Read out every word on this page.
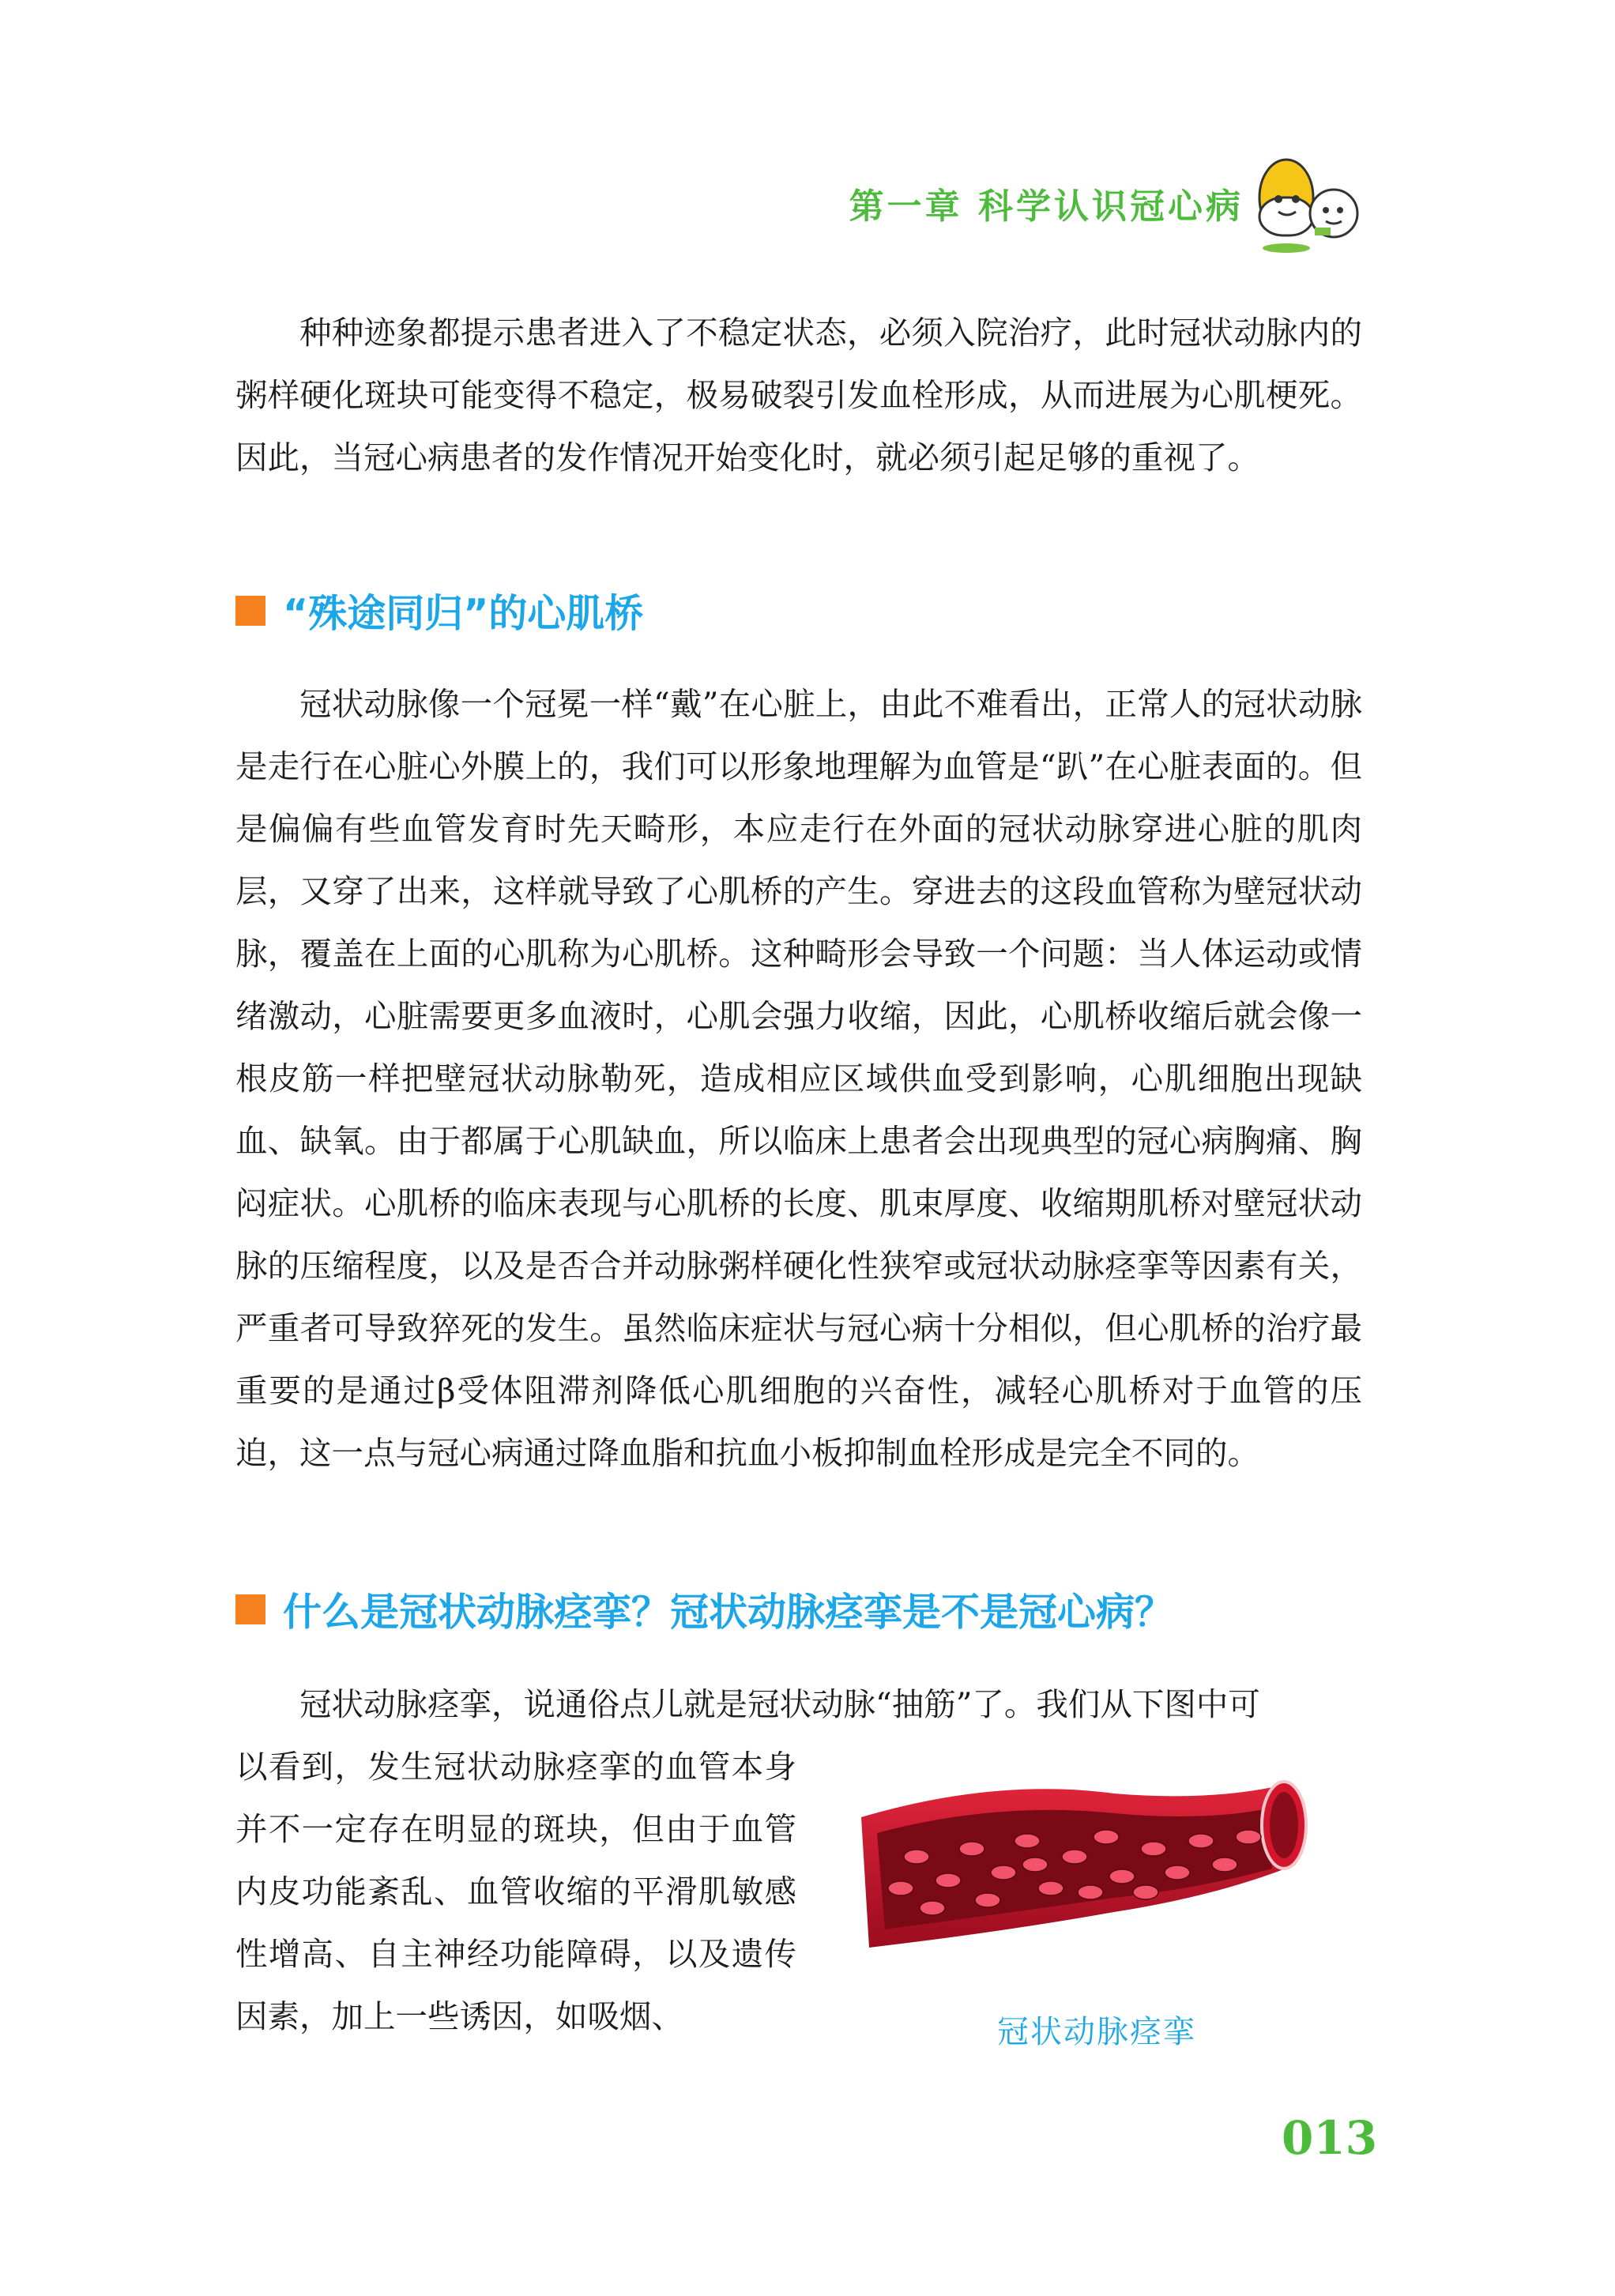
第一章 科学认识冠心病

种种迹象都提示患者进入了不稳定状态，必须入院治疗，此时冠状动脉内的粥样硬化斑块可能变得不稳定，极易破裂引发血栓形成，从而进展为心肌梗死。因此，当冠心病患者的发作情况开始变化时，就必须引起足够的重视了。

“殊途同归”的心肌桥

冠状动脉像一个冠冕一样“戴”在心脏上，由此不难看出，正常人的冠状动脉是走行在心脏心外膜上的，我们可以形象地理解为血管是“趴”在心脏表面的。但是偏偏有些血管发育时先天畸形，本应走行在外面的冠状动脉穿进心脏的肌肉层，又穿了出来，这样就导致了心肌桥的产生。穿进去的这段血管称为壁冠状动脉，覆盖在上面的心肌称为心肌桥。这种畸形会导致一个问题：当人体运动或情绪激动，心脏需要更多血液时，心肌会强力收缩，因此，心肌桥收缩后就会像一根皮筋一样把壁冠状动脉勒死，造成相应区域供血受到影响，心肌细胞出现缺血、缺氧。由于都属于心肌缺血，所以临床上患者会出现典型的冠心病胸痛、胸闷症状。心肌桥的临床表现与心肌桥的长度、肌束厚度、收缩期肌桥对壁冠状动脉的压缩程度，以及是否合并动脉粥样硬化性狭窄或冠状动脉痉挛等因素有关，严重者可导致猝死的发生。虽然临床症状与冠心病十分相似，但心肌桥的治疗最重要的是通过β受体阻滞剂降低心肌细胞的兴奋性，减轻心肌桥对于血管的压迫，这一点与冠心病通过降血脂和抗血小板抑制血栓形成是完全不同的。

什么是冠状动脉痉挛？冠状动脉痉挛是不是冠心病？

冠状动脉痉挛，说通俗点儿就是冠状动脉“抽筋”了。我们从下图中可

以看到，发生冠状动脉痉挛的血管本身并不一定存在明显的斑块，但由于血管内皮功能紊乱、血管收缩的平滑肌敏感性增高、自主神经功能障碍，以及遗传因素，加上一些诱因，如吸烟、	冠状动脉痉挛
013
